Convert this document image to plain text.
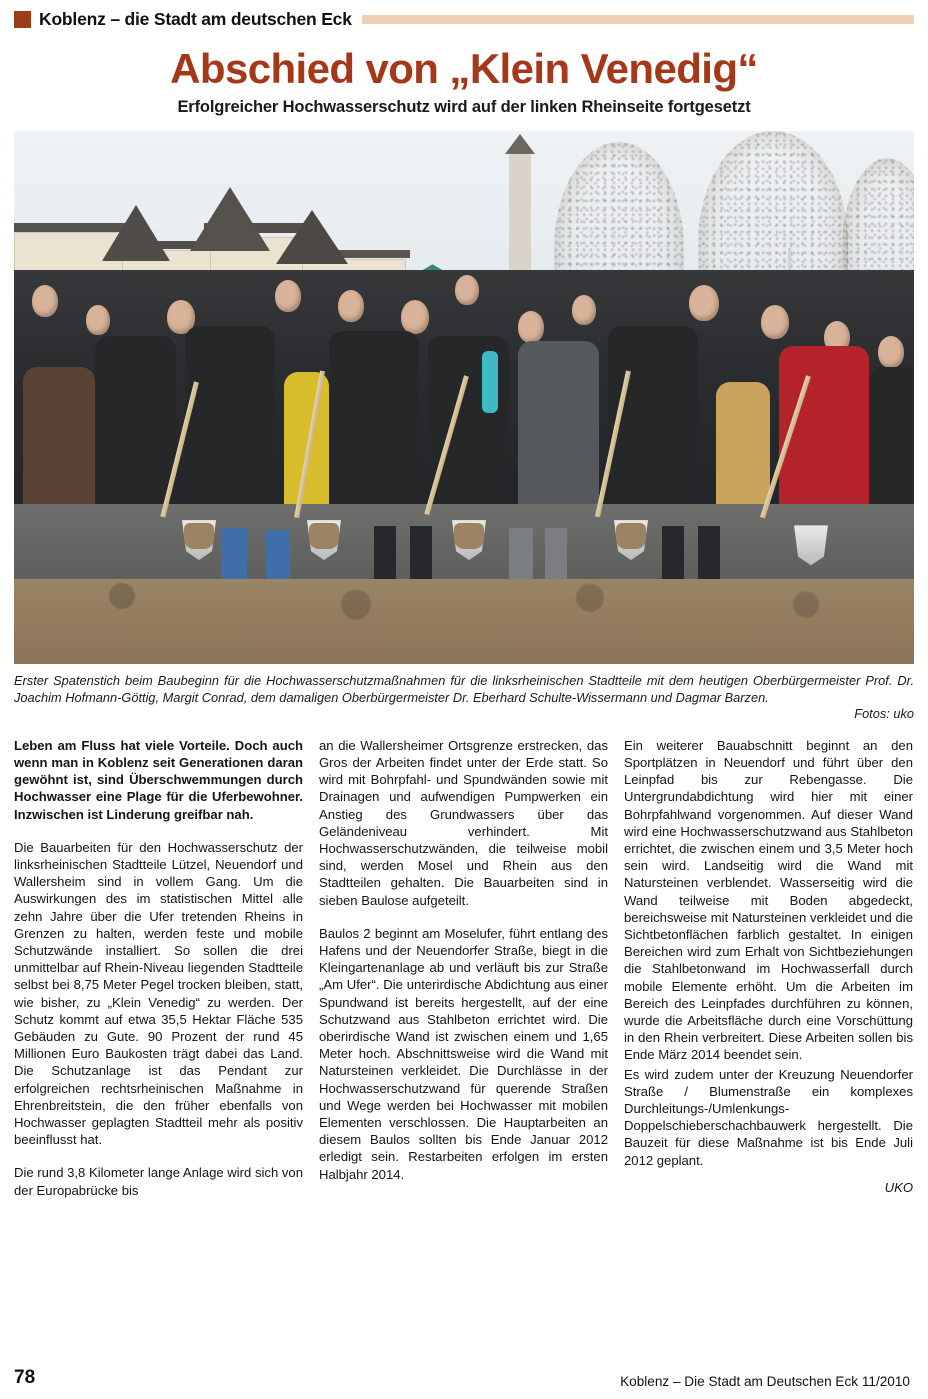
Koblenz – die Stadt am deutschen Eck
Abschied von „Klein Venedig“
Erfolgreicher Hochwasserschutz wird auf der linken Rheinseite fortgesetzt
Erster Spatenstich beim Baubeginn für die Hochwasserschutzmaßnahmen für die linksrheinischen Stadtteile mit dem heutigen Oberbürgermeister Prof. Dr. Joachim Hofmann-Göttig, Margit Conrad, dem damaligen Oberbürgermeister Dr. Eberhard Schulte-Wissermann und Dagmar Barzen.
Fotos: uko

Leben am Fluss hat viele Vorteile. Doch auch wenn man in Koblenz seit Generationen daran gewöhnt ist, sind Überschwemmungen durch Hochwasser eine Plage für die Uferbewohner. Inzwischen ist Linderung greifbar nah.

Die Bauarbeiten für den Hochwasserschutz der linksrheinischen Stadtteile Lützel, Neuendorf und Wallersheim sind in vollem Gang. Um die Auswirkungen des im statistischen Mittel alle zehn Jahre über die Ufer tretenden Rheins in Grenzen zu halten, werden feste und mobile Schutzwände installiert. So sollen die drei unmittelbar auf Rhein-Niveau liegenden Stadtteile selbst bei 8,75 Meter Pegel trocken bleiben, statt, wie bisher, zu „Klein Venedig“ zu werden. Der Schutz kommt auf etwa 35,5 Hektar Fläche 535 Gebäuden zu Gute. 90 Prozent der rund 45 Millionen Euro Baukosten trägt dabei das Land. Die Schutzanlage ist das Pendant zur erfolgreichen rechtsrheinischen Maßnahme in Ehrenbreitstein, die den früher ebenfalls von Hochwasser geplagten Stadtteil mehr als positiv beeinflusst hat.

Die rund 3,8 Kilometer lange Anlage wird sich von der Europabrücke bis

an die Wallersheimer Ortsgrenze erstrecken, das Gros der Arbeiten findet unter der Erde statt. So wird mit Bohrpfahl- und Spundwänden sowie mit Drainagen und aufwendigen Pumpwerken ein Anstieg des Grundwassers über das Geländeniveau verhindert. Mit Hochwasserschutzwänden, die teilweise mobil sind, werden Mosel und Rhein aus den Stadtteilen gehalten. Die Bauarbeiten sind in sieben Baulose aufgeteilt.

Baulos 2 beginnt am Moselufer, führt entlang des Hafens und der Neuendorfer Straße, biegt in die Kleingartenanlage ab und verläuft bis zur Straße „Am Ufer“. Die unterirdische Abdichtung aus einer Spundwand ist bereits hergestellt, auf der eine Schutzwand aus Stahlbeton errichtet wird. Die oberirdische Wand ist zwischen einem und 1,65 Meter hoch. Abschnittsweise wird die Wand mit Natursteinen verkleidet. Die Durchlässe in der Hochwasserschutzwand für querende Straßen und Wege werden bei Hochwasser mit mobilen Elementen verschlossen. Die Hauptarbeiten an diesem Baulos sollten bis Ende Januar 2012 erledigt sein. Restarbeiten erfolgen im ersten Halbjahr 2014.

Ein weiterer Bauabschnitt beginnt an den Sportplätzen in Neuendorf und führt über den Leinpfad bis zur Rebengasse. Die Untergrundabdichtung wird hier mit einer Bohrpfahlwand vorgenommen. Auf dieser Wand wird eine Hochwasserschutzwand aus Stahlbeton errichtet, die zwischen einem und 3,5 Meter hoch sein wird. Landseitig wird die Wand mit Natursteinen verblendet. Wasserseitig wird die Wand teilweise mit Boden abgedeckt, bereichsweise mit Natursteinen verkleidet und die Sichtbetonflächen farblich gestaltet. In einigen Bereichen wird zum Erhalt von Sichtbeziehungen die Stahlbetonwand im Hochwasserfall durch mobile Elemente erhöht. Um die Arbeiten im Bereich des Leinpfades durchführen zu können, wurde die Arbeitsfläche durch eine Vorschüttung in den Rhein verbreitert. Diese Arbeiten sollen bis Ende März 2014 beendet sein.

Es wird zudem unter der Kreuzung Neuendorfer Straße / Blumenstraße ein komplexes Durchleitungs-/Umlenkungs-Doppelschieberschachbauwerk hergestellt. Die Bauzeit für diese Maßnahme ist bis Ende Juli 2012 geplant.

UKO

78	Koblenz – Die Stadt am Deutschen Eck 11/2010
